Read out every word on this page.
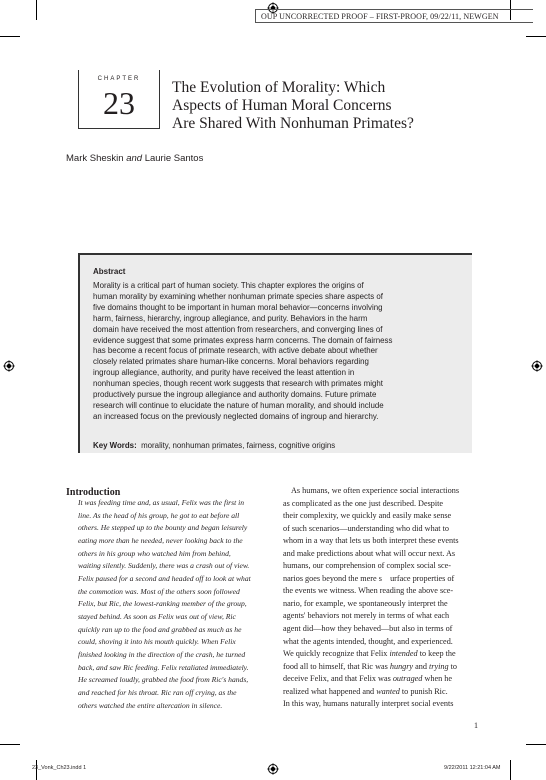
OUP UNCORRECTED PROOF – FIRST-PROOF, 09/22/11, NEWGEN
CHAPTER
23	The Evolution of Morality: Which
Aspects of Human Moral Concerns
Are Shared With Nonhuman Primates?
Mark Sheskin and Laurie Santos
Abstract
Morality is a critical part of human society. This chapter explores the origins of
human morality by examining whether nonhuman primate species share aspects of
five domains thought to be important in human moral behavior—concerns involving
harm, fairness, hierarchy, ingroup allegiance, and purity. Behaviors in the harm
domain have received the most attention from researchers, and converging lines of
evidence suggest that some primates express harm concerns. The domain of fairness
has become a recent focus of primate research, with active debate about whether
closely related primates share human-like concerns. Moral behaviors regarding
ingroup allegiance, authority, and purity have received the least attention in
nonhuman species, though recent work suggests that research with primates might
productively pursue the ingroup allegiance and authority domains. Future primate
research will continue to elucidate the nature of human morality, and should include
an increased focus on the previously neglected domains of ingroup and hierarchy.
Key Words: morality, nonhuman primates, fairness, cognitive origins
Introduction
It was feeding time and, as usual, Felix was the first in
line. As the head of his group, he got to eat before all
others. He stepped up to the bounty and began leisurely
eating more than he needed, never looking back to the
others in his group who watched him from behind,
waiting silently. Suddenly, there was a crash out of view.
Felix paused for a second and headed off to look at what
the commotion was. Most of the others soon followed
Felix, but Ric, the lowest-ranking member of the group,
stayed behind. As soon as Felix was out of view, Ric
quickly ran up to the food and grabbed as much as he
could, shoving it into his mouth quickly. When Felix
finished looking in the direction of the crash, he turned
back, and saw Ric feeding. Felix retaliated immediately.
He screamed loudly, grabbed the food from Ric's hands,
and reached for his throat. Ric ran off crying, as the
others watched the entire altercation in silence.
As humans, we often experience social interactions
as complicated as the one just described. Despite
their complexity, we quickly and easily make sense
of such scenarios—understanding who did what to
whom in a way that lets us both interpret these events
and make predictions about what will occur next. As
humans, our comprehension of complex social sce-
narios goes beyond the mere s    urface properties of
the events we witness. When reading the above sce-
nario, for example, we spontaneously interpret the
agents' behaviors not merely in terms of what each
agent did—how they behaved—but also in terms of
what the agents intended, thought, and experienced.
We quickly recognize that Felix intended to keep the
food all to himself, that Ric was hungry and trying to
deceive Felix, and that Felix was outraged when he
realized what happened and wanted to punish Ric.
In this way, humans naturally interpret social events
1
23_Vonk_Ch23.indd 1	9/22/2011 12:21:04 AM
